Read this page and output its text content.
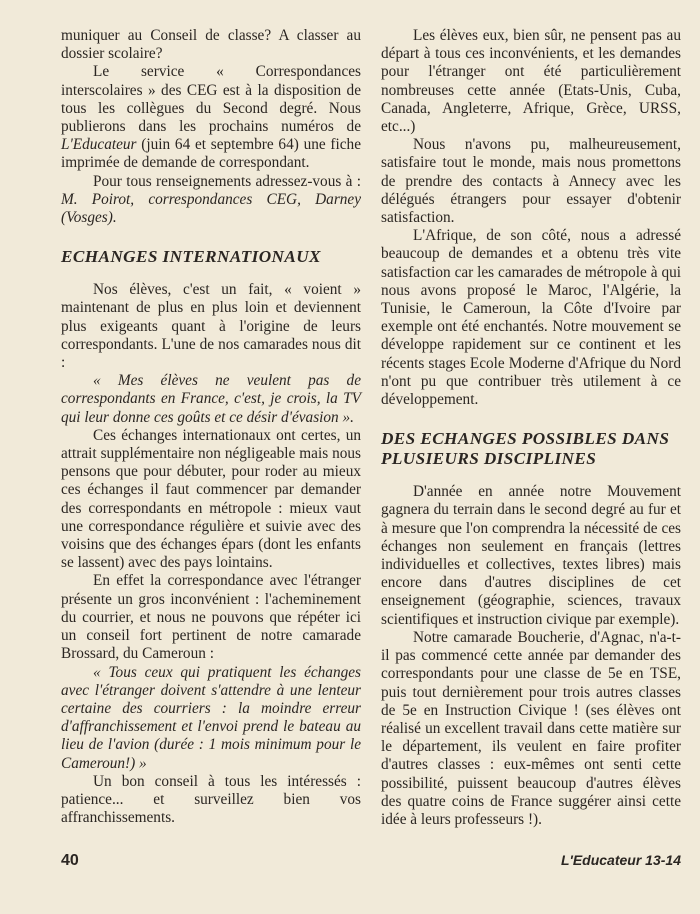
muniquer au Conseil de classe? A classer au dossier scolaire?

Le service « Correspondances interscolaires » des CEG est à la disposition de tous les collègues du Second degré. Nous publierons dans les prochains numéros de L'Educateur (juin 64 et septembre 64) une fiche imprimée de demande de correspondant.

Pour tous renseignements adressez-vous à : M. Poirot, correspondances CEG, Darney (Vosges).

ECHANGES INTERNATIONAUX

Nos élèves, c'est un fait, « voient » maintenant de plus en plus loin et deviennent plus exigeants quant à l'origine de leurs correspondants. L'une de nos camarades nous dit :

« Mes élèves ne veulent pas de correspondants en France, c'est, je crois, la TV qui leur donne ces goûts et ce désir d'évasion ».

Ces échanges internationaux ont certes, un attrait supplémentaire non négligeable mais nous pensons que pour débuter, pour roder au mieux ces échanges il faut commencer par demander des correspondants en métropole : mieux vaut une correspondance régulière et suivie avec des voisins que des échanges épars (dont les enfants se lassent) avec des pays lointains.

En effet la correspondance avec l'étranger présente un gros inconvénient : l'acheminement du courrier, et nous ne pouvons que répéter ici un conseil fort pertinent de notre camarade Brossard, du Cameroun :

« Tous ceux qui pratiquent les échanges avec l'étranger doivent s'attendre à une lenteur certaine des courriers : la moindre erreur d'affranchissement et l'envoi prend le bateau au lieu de l'avion (durée : 1 mois minimum pour le Cameroun!) »

Un bon conseil à tous les intéressés : patience... et surveillez bien vos affranchissements.

Les élèves eux, bien sûr, ne pensent pas au départ à tous ces inconvénients, et les demandes pour l'étranger ont été particulièrement nombreuses cette année (Etats-Unis, Cuba, Canada, Angleterre, Afrique, Grèce, URSS, etc...)

Nous n'avons pu, malheureusement, satisfaire tout le monde, mais nous promettons de prendre des contacts à Annecy avec les délégués étrangers pour essayer d'obtenir satisfaction.

L'Afrique, de son côté, nous a adressé beaucoup de demandes et a obtenu très vite satisfaction car les camarades de métropole à qui nous avons proposé le Maroc, l'Algérie, la Tunisie, le Cameroun, la Côte d'Ivoire par exemple ont été enchantés. Notre mouvement se développe rapidement sur ce continent et les récents stages Ecole Moderne d'Afrique du Nord n'ont pu que contribuer très utilement à ce développement.

DES ECHANGES POSSIBLES DANS PLUSIEURS DISCIPLINES

D'année en année notre Mouvement gagnera du terrain dans le second degré au fur et à mesure que l'on comprendra la nécessité de ces échanges non seulement en français (lettres individuelles et collectives, textes libres) mais encore dans d'autres disciplines de cet enseignement (géographie, sciences, travaux scientifiques et instruction civique par exemple).

Notre camarade Boucherie, d'Agnac, n'a-t-il pas commencé cette année par demander des correspondants pour une classe de 5e en TSE, puis tout dernièrement pour trois autres classes de 5e en Instruction Civique ! (ses élèves ont réalisé un excellent travail dans cette matière sur le département, ils veulent en faire profiter d'autres classes : eux-mêmes ont senti cette possibilité, puissent beaucoup d'autres élèves des quatre coins de France suggérer ainsi cette idée à leurs professeurs !).

40	L'Educateur 13-14
